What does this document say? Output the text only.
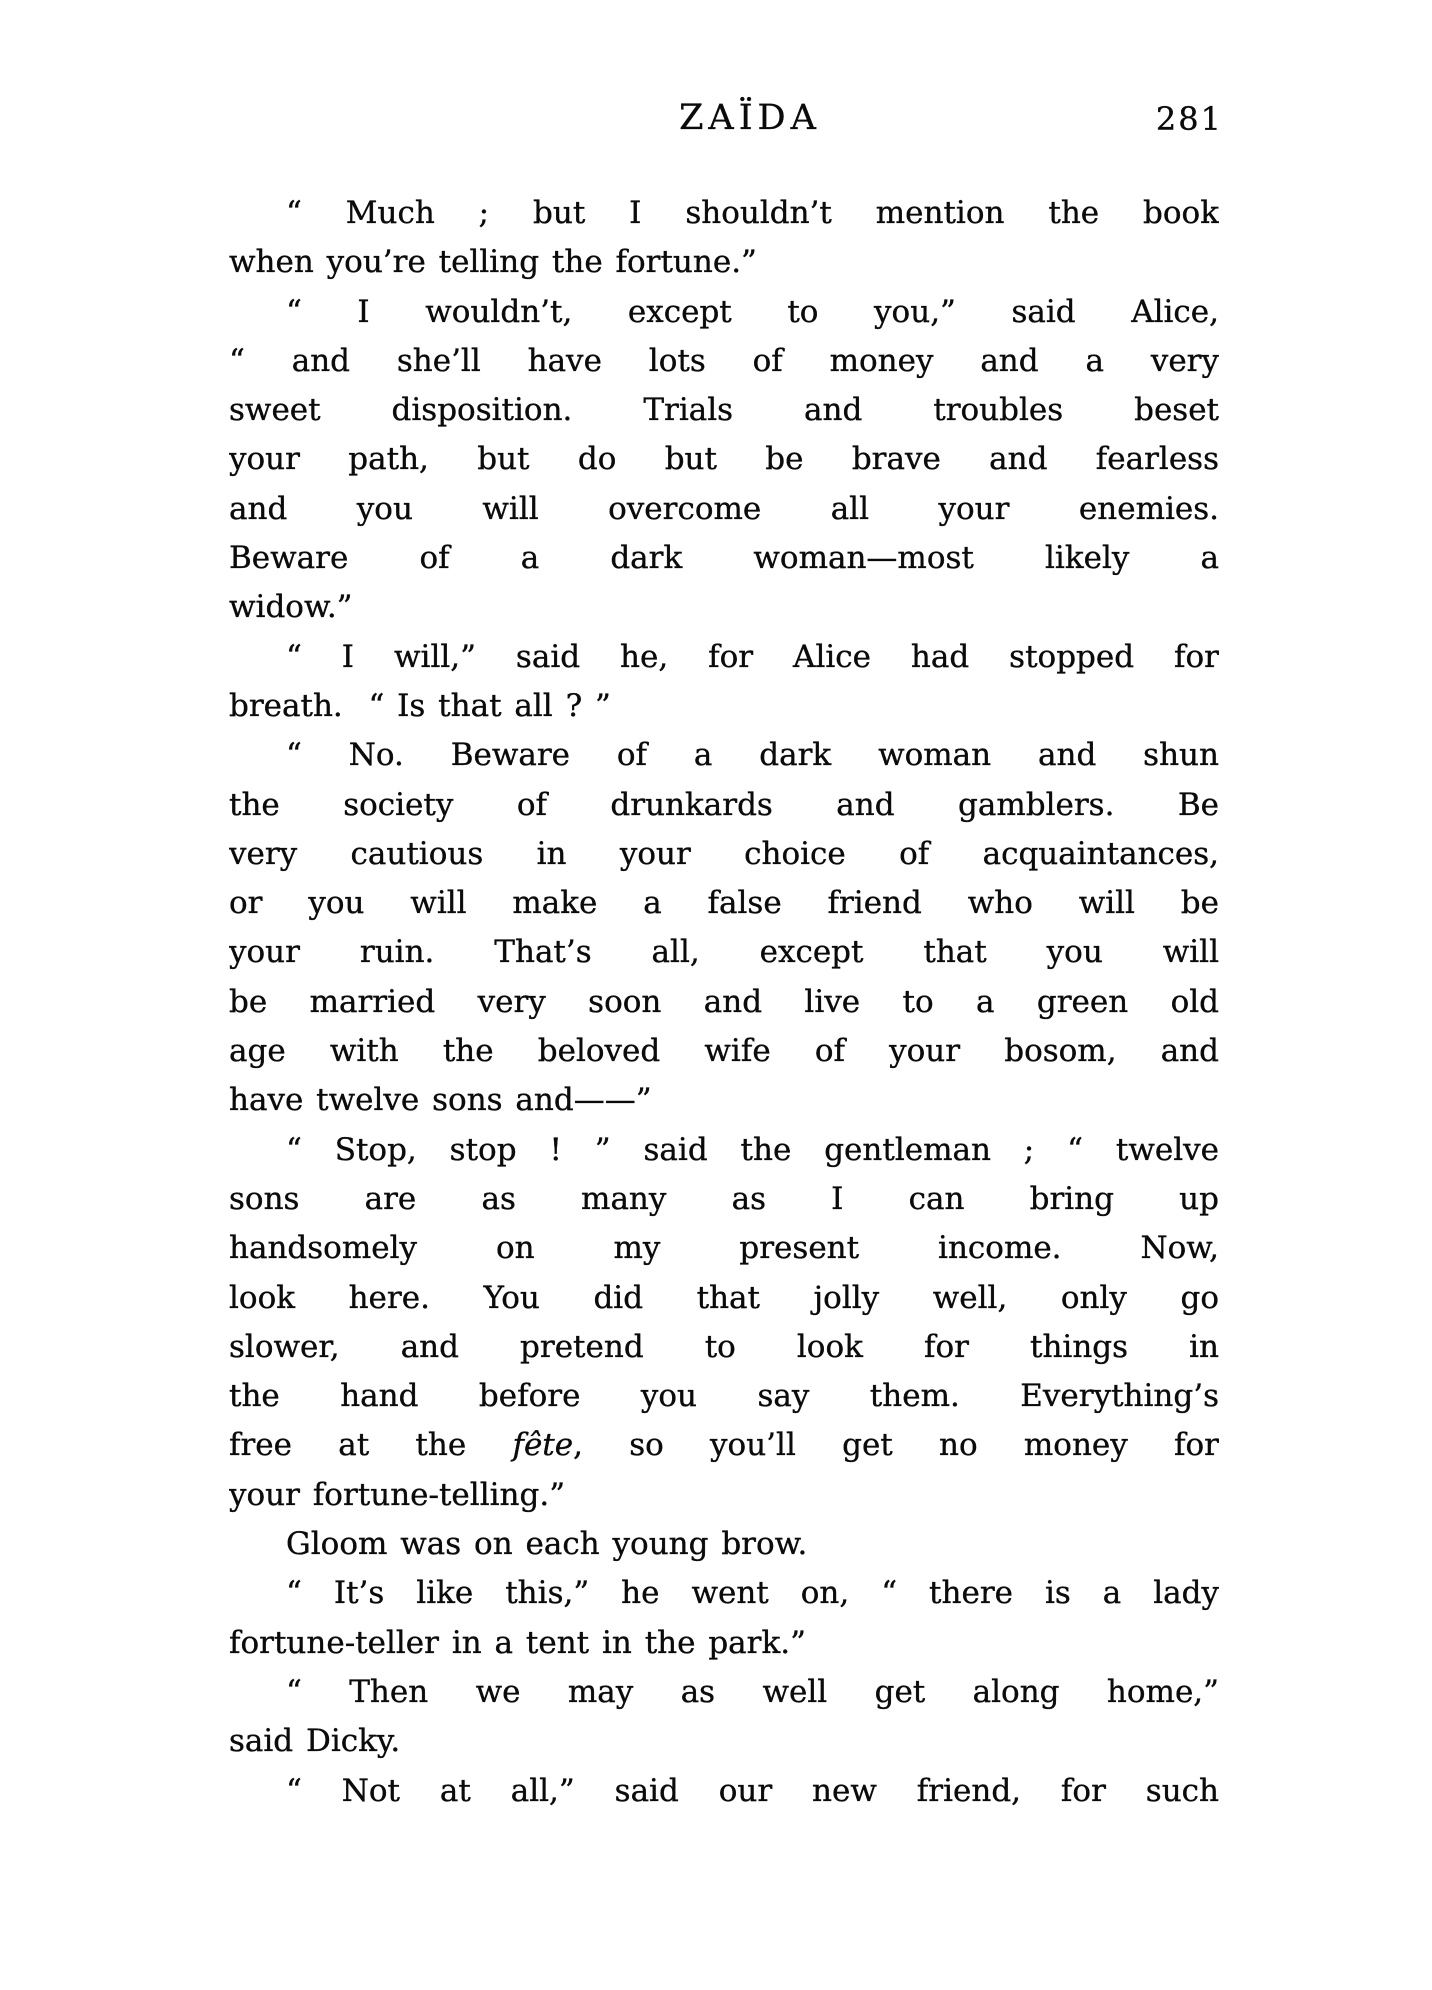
ZAÏDA	281
“ Much ; but I shouldn’t mention the book
when you’re telling the fortune.”
“ I wouldn’t, except to you,” said Alice,
“ and she’ll have lots of money and a very
sweet disposition. Trials and troubles beset
your path, but do but be brave and fearless
and you will overcome all your enemies.
Beware of a dark woman—most likely a
widow.”
“ I will,” said he, for Alice had stopped for
breath.  “ Is that all ? ”
“ No. Beware of a dark woman and shun
the society of drunkards and gamblers. Be
very cautious in your choice of acquaintances,
or you will make a false friend who will be
your ruin. That’s all, except that you will
be married very soon and live to a green old
age with the beloved wife of your bosom, and
have twelve sons and——”
“ Stop, stop ! ” said the gentleman ; “ twelve
sons are as many as I can bring up
handsomely on my present income. Now,
look here. You did that jolly well, only go
slower, and pretend to look for things in
the hand before you say them. Everything’s
free at the fête, so you’ll get no money for
your fortune-telling.”
Gloom was on each young brow.
“ It’s like this,” he went on, “ there is a lady
fortune-teller in a tent in the park.”
“ Then we may as well get along home,”
said Dicky.
“ Not at all,” said our new friend, for such
